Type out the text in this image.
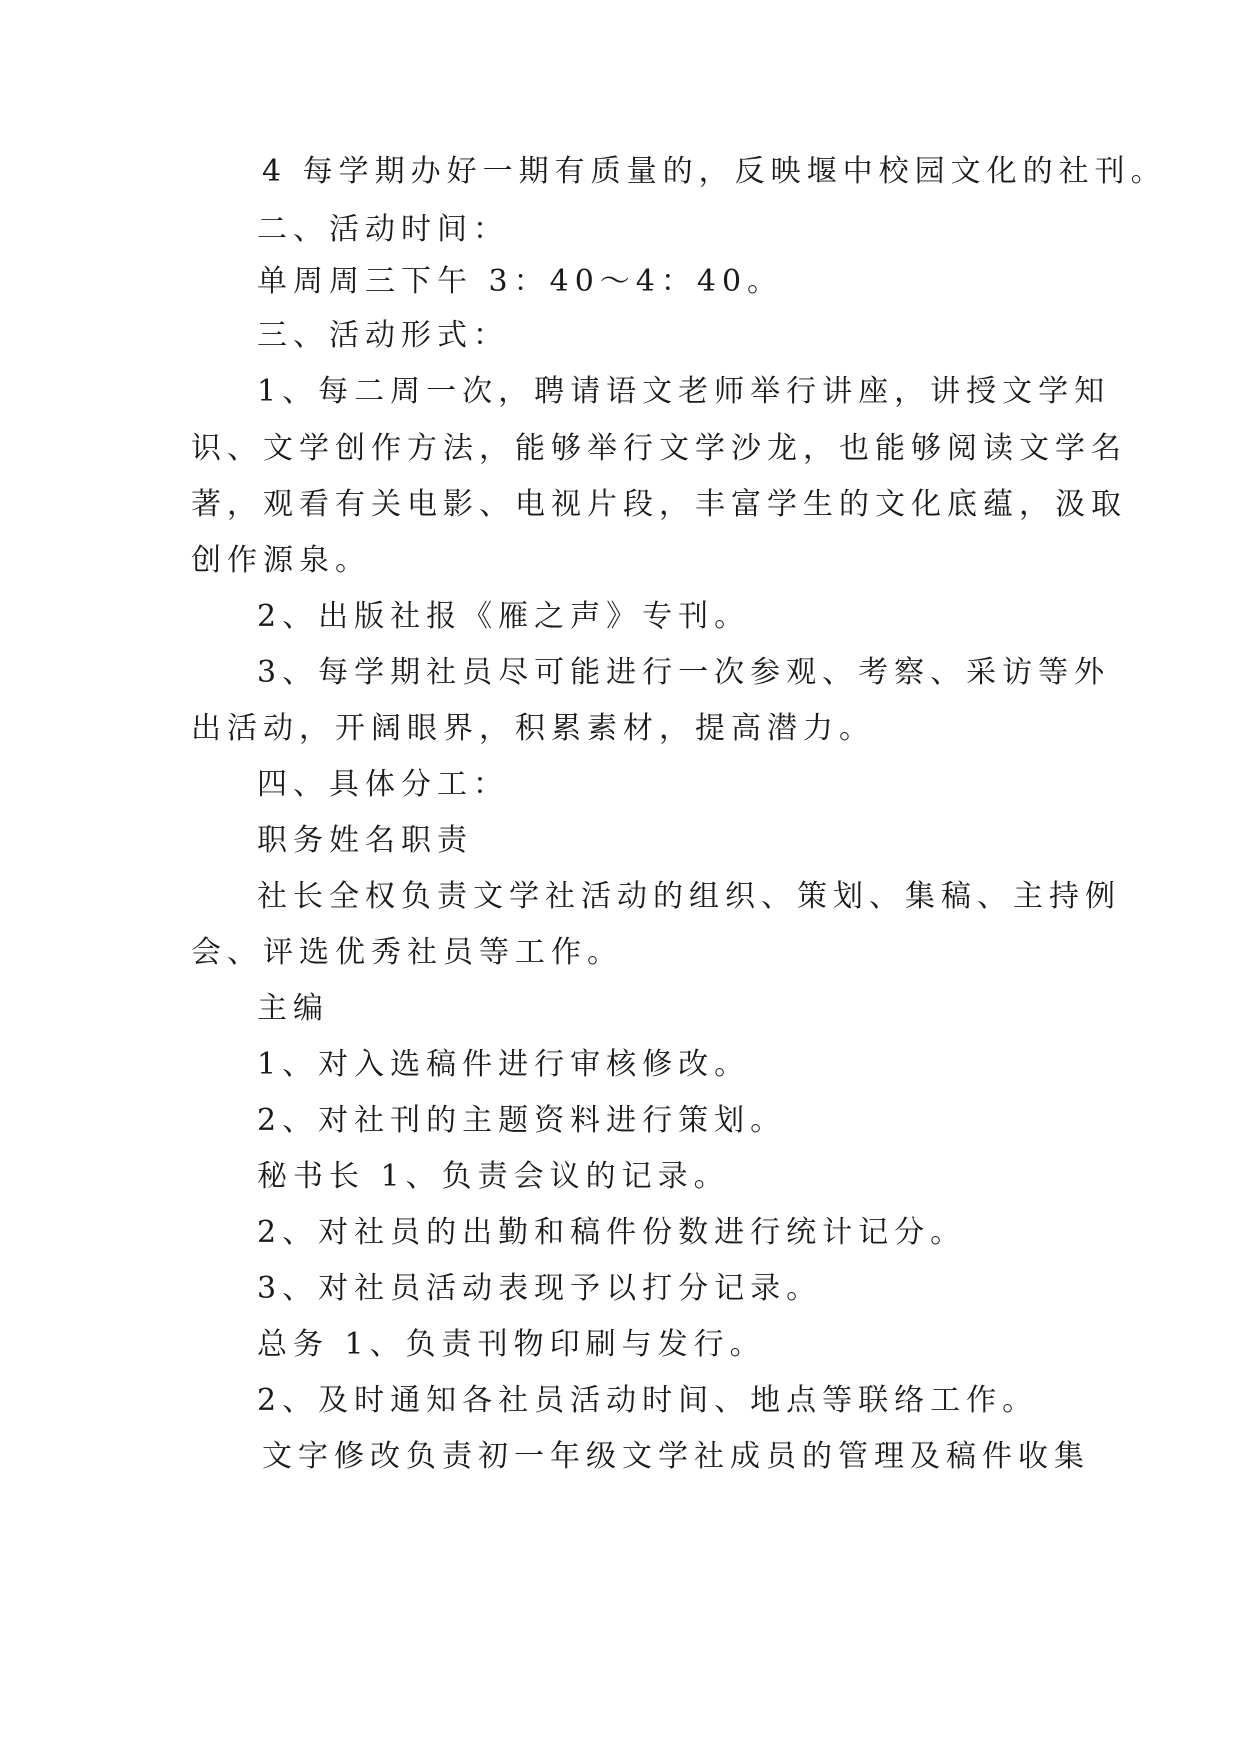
4 每学期办好一期有质量的，反映堰中校园文化的社刊。
二、活动时间：
单周周三下午 3：40～4：40。
三、活动形式：
1、每二周一次，聘请语文老师举行讲座，讲授文学知
识、文学创作方法，能够举行文学沙龙，也能够阅读文学名
著，观看有关电影、电视片段，丰富学生的文化底蕴，汲取
创作源泉。
2、出版社报《雁之声》专刊。
3、每学期社员尽可能进行一次参观、考察、采访等外
出活动，开阔眼界，积累素材，提高潜力。
四、具体分工：
职务姓名职责
社长全权负责文学社活动的组织、策划、集稿、主持例
会、评选优秀社员等工作。
主编
1、对入选稿件进行审核修改。
2、对社刊的主题资料进行策划。
秘书长 1、负责会议的记录。
2、对社员的出勤和稿件份数进行统计记分。
3、对社员活动表现予以打分记录。
总务 1、负责刊物印刷与发行。
2、及时通知各社员活动时间、地点等联络工作。
文字修改负责初一年级文学社成员的管理及稿件收集
